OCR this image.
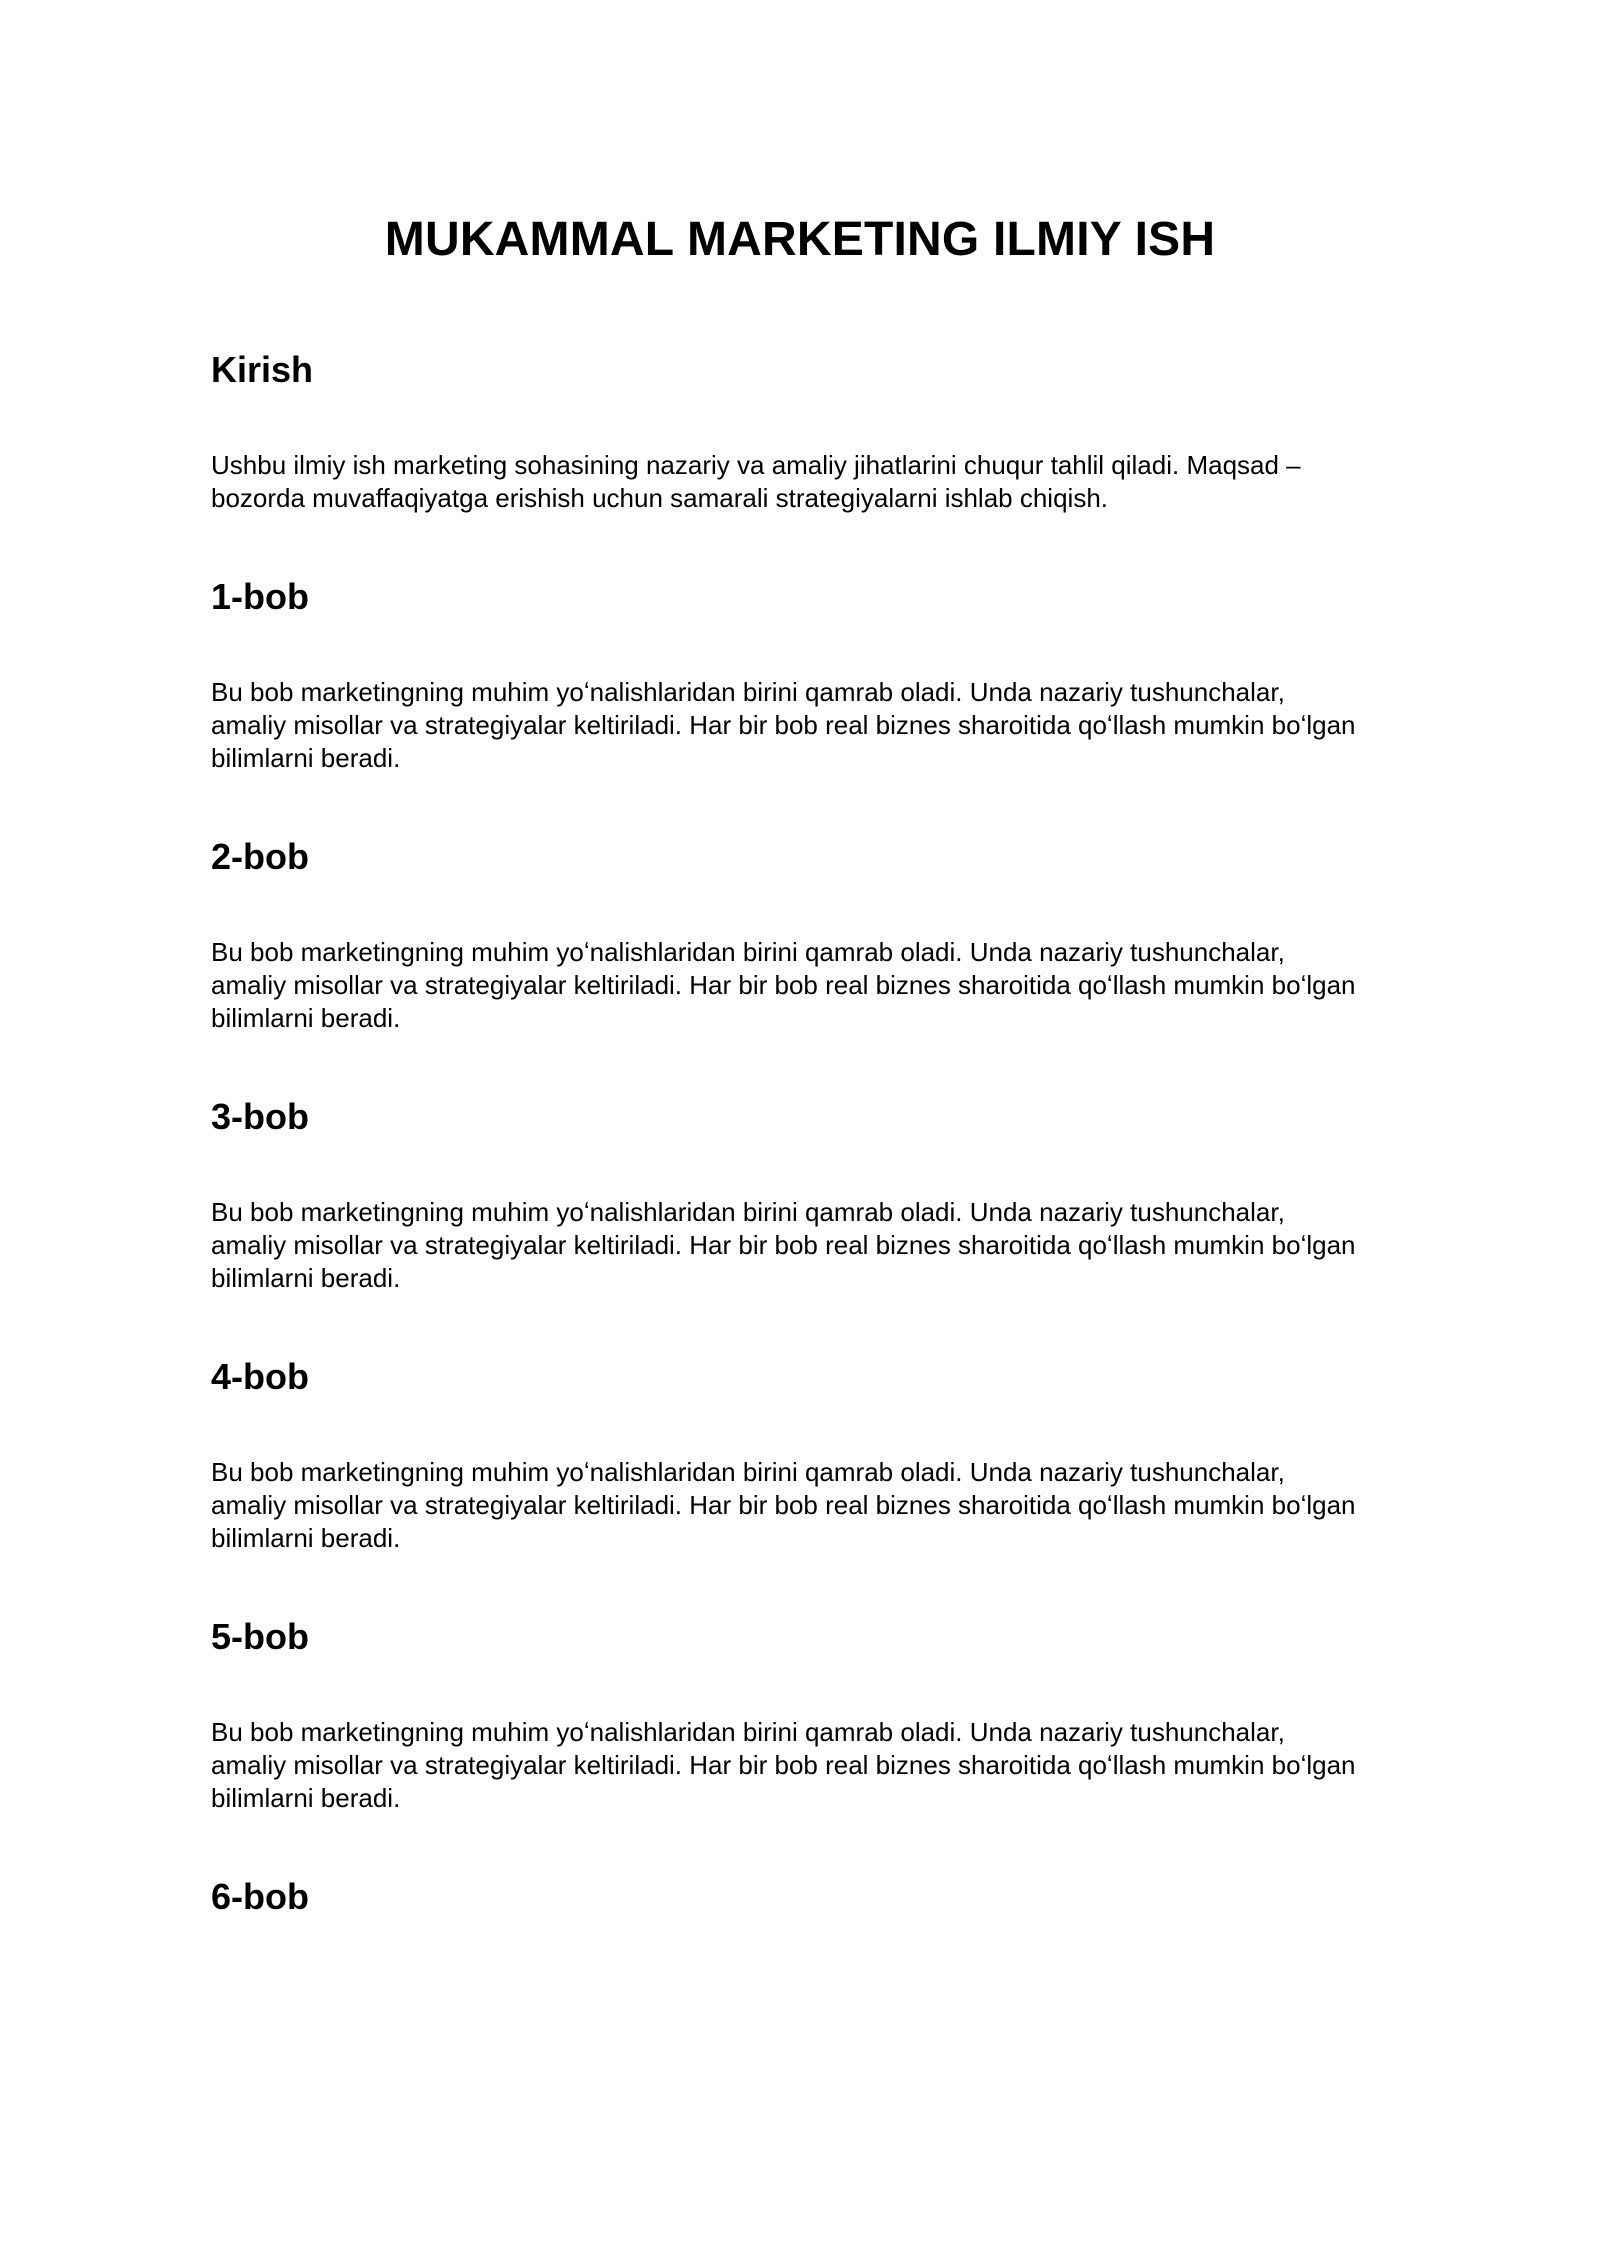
MUKAMMAL MARKETING ILMIY ISH
Kirish

Ushbu ilmiy ish marketing sohasining nazariy va amaliy jihatlarini chuqur tahlil qiladi. Maqsad –
bozorda muvaffaqiyatga erishish uchun samarali strategiyalarni ishlab chiqish.

1-bob

Bu bob marketingning muhim yoʻnalishlaridan birini qamrab oladi. Unda nazariy tushunchalar,
amaliy misollar va strategiyalar keltiriladi. Har bir bob real biznes sharoitida qoʻllash mumkin boʻlgan
bilimlarni beradi.

2-bob

Bu bob marketingning muhim yoʻnalishlaridan birini qamrab oladi. Unda nazariy tushunchalar,
amaliy misollar va strategiyalar keltiriladi. Har bir bob real biznes sharoitida qoʻllash mumkin boʻlgan
bilimlarni beradi.

3-bob

Bu bob marketingning muhim yoʻnalishlaridan birini qamrab oladi. Unda nazariy tushunchalar,
amaliy misollar va strategiyalar keltiriladi. Har bir bob real biznes sharoitida qoʻllash mumkin boʻlgan
bilimlarni beradi.

4-bob

Bu bob marketingning muhim yoʻnalishlaridan birini qamrab oladi. Unda nazariy tushunchalar,
amaliy misollar va strategiyalar keltiriladi. Har bir bob real biznes sharoitida qoʻllash mumkin boʻlgan
bilimlarni beradi.

5-bob

Bu bob marketingning muhim yoʻnalishlaridan birini qamrab oladi. Unda nazariy tushunchalar,
amaliy misollar va strategiyalar keltiriladi. Har bir bob real biznes sharoitida qoʻllash mumkin boʻlgan
bilimlarni beradi.

6-bob
